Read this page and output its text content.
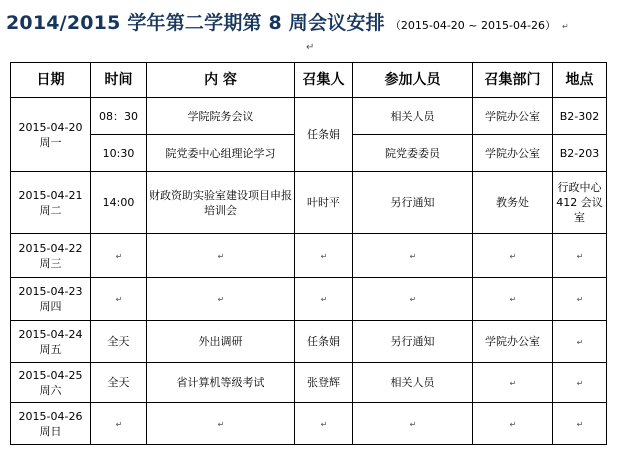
2014/2015 学年第二学期第 8 周会议安排 （2015-04-20 ~ 2015-04-26） ↵
↵
日期	时间	内 容	召集人	参加人员	召集部门	地点

2015-04-20
周一	08：30	学院院务会议	任条娟	相关人员	学院办公室	B2-302
	10:30	院党委中心组理论学习		院党委委员	学院办公室	B2-203

2015-04-21
周二	14:00	财政资助实验室建设项目申报培训会	叶时平	另行通知	教务处	行政中心 412 会议室

2015-04-22
周三	↵	↵	↵	↵	↵	↵

2015-04-23
周四	↵	↵	↵	↵	↵	↵

2015-04-24
周五	全天	外出调研	任条娟	另行通知	学院办公室	↵

2015-04-25
周六	全天	省计算机等级考试	张登辉	相关人员	↵	↵

2015-04-26
周日	↵	↵	↵	↵	↵	↵
